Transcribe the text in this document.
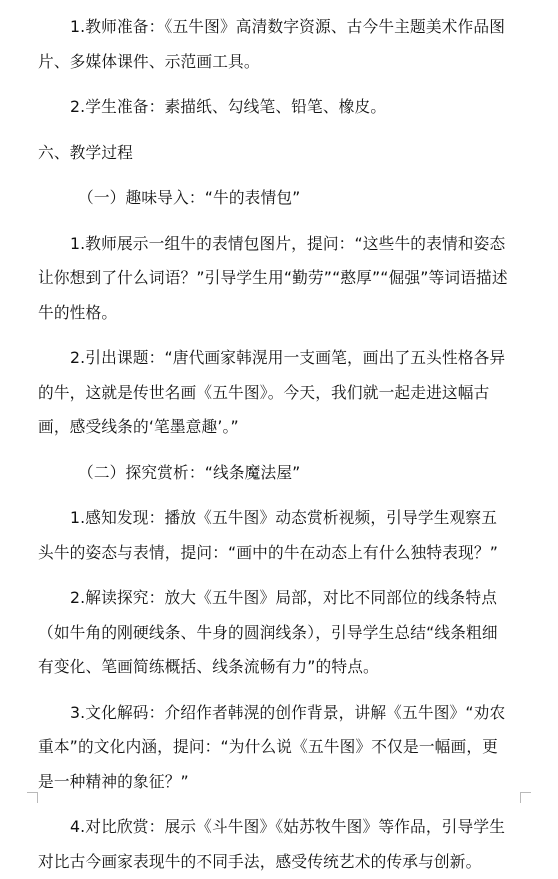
1.教师准备：《五牛图》高清数字资源、古今牛主题美术作品图片、多媒体课件、示范画工具。

2.学生准备：素描纸、勾线笔、铅笔、橡皮。

六、教学过程

（一）趣味导入：“牛的表情包”

1.教师展示一组牛的表情包图片，提问：“这些牛的表情和姿态让你想到了什么词语？”引导学生用“勤劳”“憨厚”“倔强”等词语描述牛的性格。

2.引出课题：“唐代画家韩滉用一支画笔，画出了五头性格各异的牛，这就是传世名画《五牛图》。今天，我们就一起走进这幅古画，感受线条的‘笔墨意趣’。”

（二）探究赏析：“线条魔法屋”

1.感知发现：播放《五牛图》动态赏析视频，引导学生观察五头牛的姿态与表情，提问：“画中的牛在动态上有什么独特表现？”

2.解读探究：放大《五牛图》局部，对比不同部位的线条特点（如牛角的刚硬线条、牛身的圆润线条），引导学生总结“线条粗细有变化、笔画简练概括、线条流畅有力”的特点。

3.文化解码：介绍作者韩滉的创作背景，讲解《五牛图》“劝农重本”的文化内涵，提问：“为什么说《五牛图》不仅是一幅画，更是一种精神的象征？”

4.对比欣赏：展示《斗牛图》《姑苏牧牛图》等作品，引导学生对比古今画家表现牛的不同手法，感受传统艺术的传承与创新。
